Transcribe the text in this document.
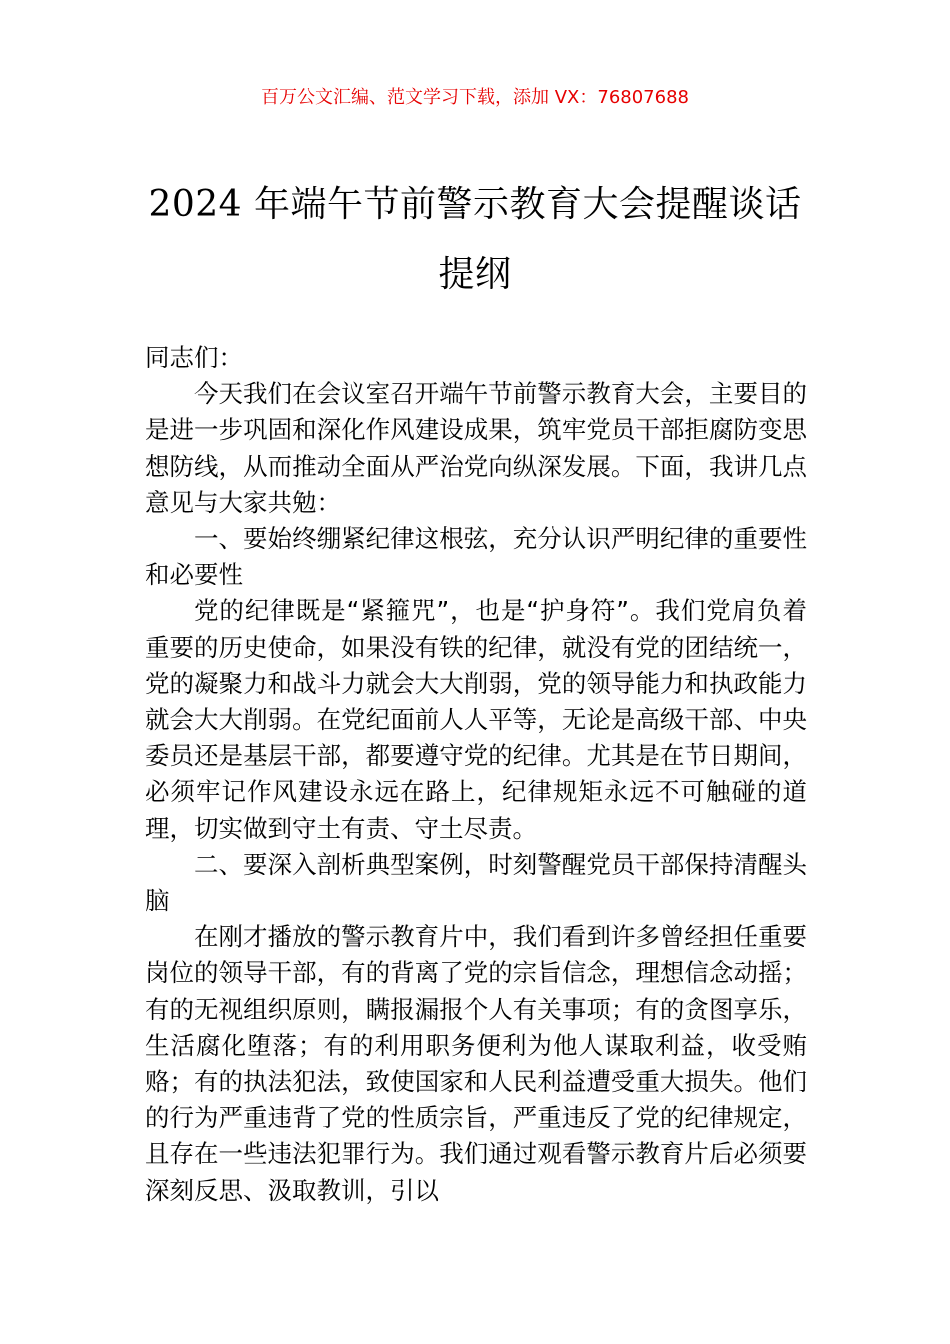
百万公文汇编、范文学习下载，添加 VX：76807688
2024 年端午节前警示教育大会提醒谈话提纲

同志们：

今天我们在会议室召开端午节前警示教育大会，主要目的是进一步巩固和深化作风建设成果，筑牢党员干部拒腐防变思想防线，从而推动全面从严治党向纵深发展。下面，我讲几点意见与大家共勉：

一、要始终绷紧纪律这根弦，充分认识严明纪律的重要性和必要性

党的纪律既是“紧箍咒”，也是“护身符”。我们党肩负着重要的历史使命，如果没有铁的纪律，就没有党的团结统一，党的凝聚力和战斗力就会大大削弱，党的领导能力和执政能力就会大大削弱。在党纪面前人人平等，无论是高级干部、中央委员还是基层干部，都要遵守党的纪律。尤其是在节日期间，必须牢记作风建设永远在路上，纪律规矩永远不可触碰的道理，切实做到守土有责、守土尽责。

二、要深入剖析典型案例，时刻警醒党员干部保持清醒头脑

在刚才播放的警示教育片中，我们看到许多曾经担任重要岗位的领导干部，有的背离了党的宗旨信念，理想信念动摇；有的无视组织原则，瞒报漏报个人有关事项；有的贪图享乐，生活腐化堕落；有的利用职务便利为他人谋取利益，收受贿赂；有的执法犯法，致使国家和人民利益遭受重大损失。他们的行为严重违背了党的性质宗旨，严重违反了党的纪律规定，且存在一些违法犯罪行为。我们通过观看警示教育片后必须要深刻反思、汲取教训，引以
